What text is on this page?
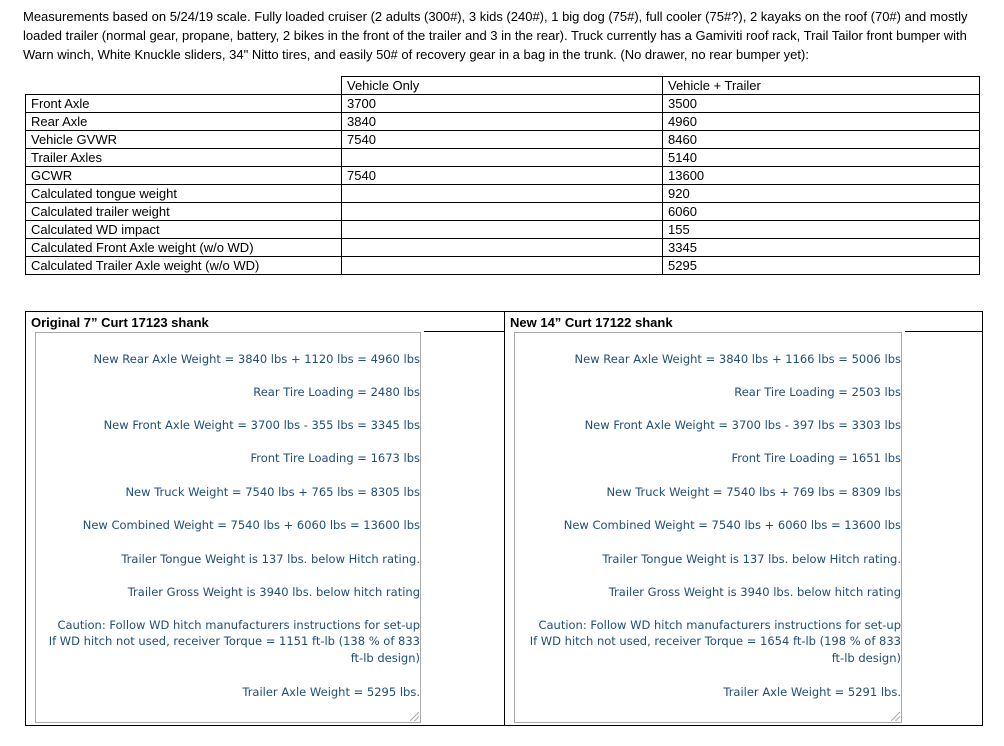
Measurements based on 5/24/19 scale. Fully loaded cruiser (2 adults (300#), 3 kids (240#), 1 big dog (75#), full cooler (75#?), 2 kayaks on the roof (70#) and mostly loaded trailer (normal gear, propane, battery, 2 bikes in the front of the trailer and 3 in the rear). Truck currently has a Gamiviti roof rack, Trail Tailor front bumper with Warn winch, White Knuckle sliders, 34" Nitto tires, and easily 50# of recovery gear in a bag in the trunk. (No drawer, no rear bumper yet):

	Vehicle Only	Vehicle + Trailer
Front Axle	3700	3500
Rear Axle	3840	4960
Vehicle GVWR	7540	8460
Trailer Axles		5140
GCWR	7540	13600
Calculated tongue weight		920
Calculated trailer weight		6060
Calculated WD impact		155
Calculated Front Axle weight (w/o WD)		3345
Calculated Trailer Axle weight (w/o WD)		5295
Original 7” Curt 17123 shank
New Rear Axle Weight = 3840 lbs + 1120 lbs = 4960 lbs
Rear Tire Loading = 2480 lbs
New Front Axle Weight = 3700 lbs - 355 lbs = 3345 lbs
Front Tire Loading = 1673 lbs
New Truck Weight = 7540 lbs + 765 lbs = 8305 lbs
New Combined Weight = 7540 lbs + 6060 lbs = 13600 lbs
Trailer Tongue Weight is 137 lbs. below Hitch rating.
Trailer Gross Weight is 3940 lbs. below hitch rating
Caution: Follow WD hitch manufacturers instructions for set-up
If WD hitch not used, receiver Torque = 1151 ft-lb (138 % of 833 ft-lb design)
Trailer Axle Weight = 5295 lbs.
New 14” Curt 17122 shank
New Rear Axle Weight = 3840 lbs + 1166 lbs = 5006 lbs
Rear Tire Loading = 2503 lbs
New Front Axle Weight = 3700 lbs - 397 lbs = 3303 lbs
Front Tire Loading = 1651 lbs
New Truck Weight = 7540 lbs + 769 lbs = 8309 lbs
New Combined Weight = 7540 lbs + 6060 lbs = 13600 lbs
Trailer Tongue Weight is 137 lbs. below Hitch rating.
Trailer Gross Weight is 3940 lbs. below hitch rating
Caution: Follow WD hitch manufacturers instructions for set-up
If WD hitch not used, receiver Torque = 1654 ft-lb (198 % of 833 ft-lb design)
Trailer Axle Weight = 5291 lbs.
